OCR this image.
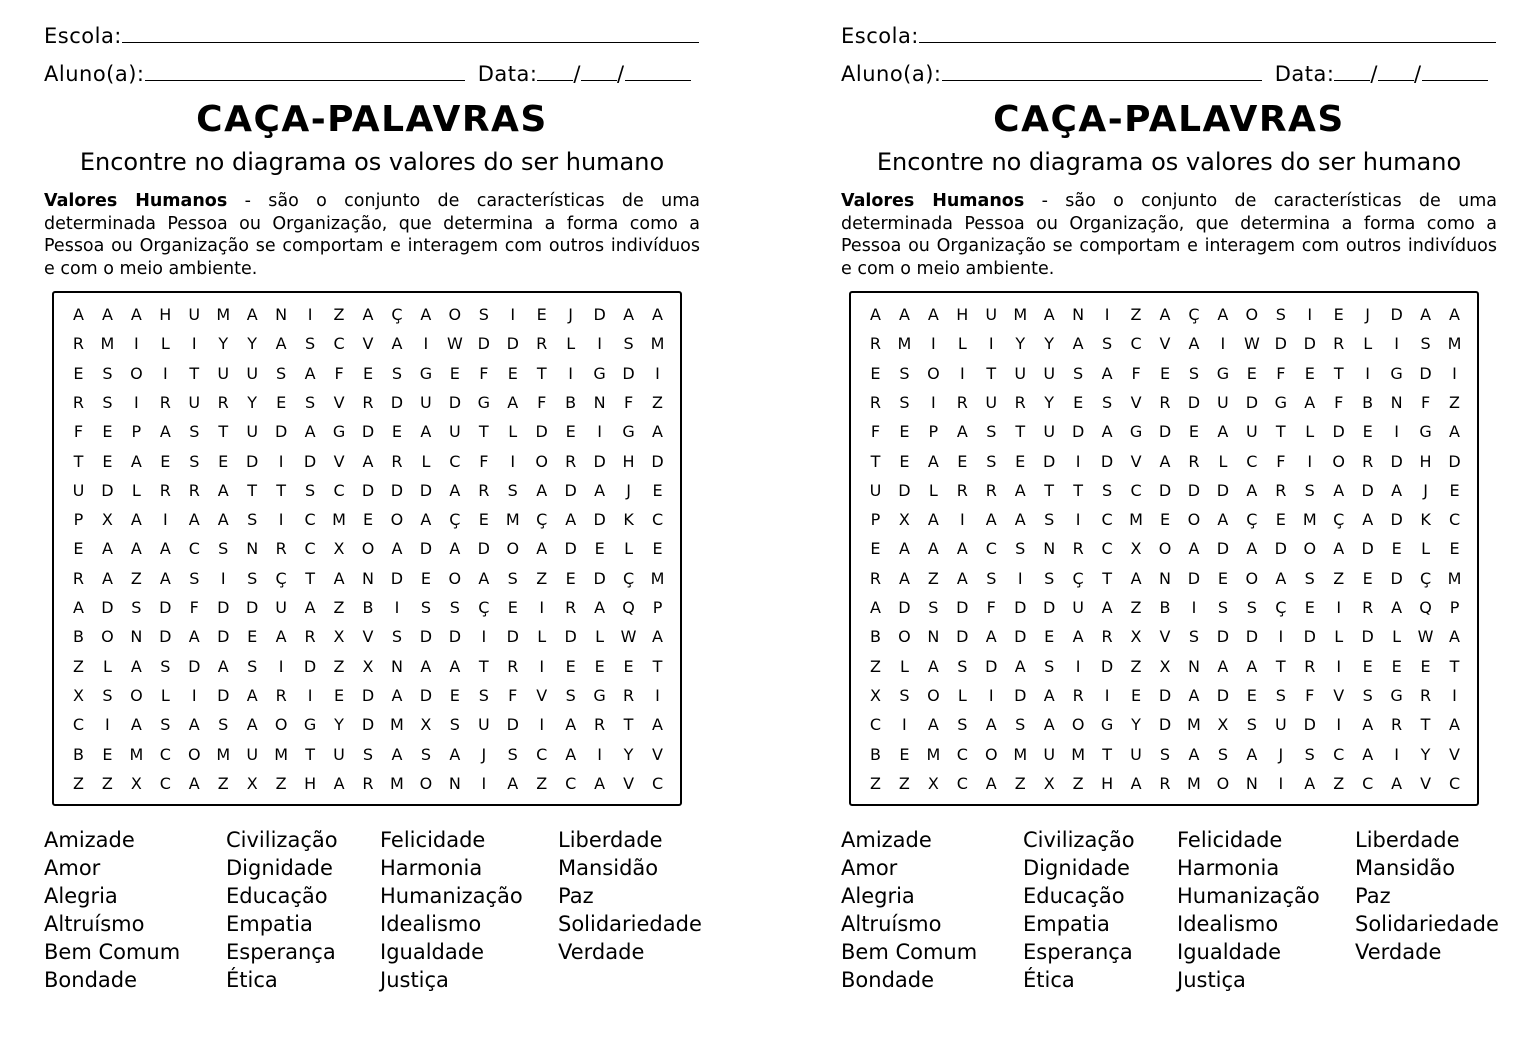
Escola:
Aluno(a):	Data: / /
CAÇA-PALAVRAS
Encontre no diagrama os valores do ser humano
Valores Humanos - são o conjunto de características de uma determinada Pessoa ou Organização, que determina a forma como a Pessoa ou Organização se comportam e interagem com outros indivíduos e com o meio ambiente.
A	A	A	H	U	M	A	N	I	Z	A	Ç	A	O	S	I	E	J	D	A	A
R	M	I	L	I	Y	Y	A	S	C	V	A	I	W D	D	R	L	I	S	M
E	S	O	I	T	U	U	S	A	F	E	S	G	E	F	E	T	I	G	D	I
R	S	I	R	U	R	Y	E	S	V	R	D	U	D	G	A	F	B	N	F	Z
F	E	P	A	S	T	U	D	A	G	D	E	A	U	T	L	D	E	I	G	A
T	E	A	E	S	E	D	I	D	V	A	R	L	C	F	I	O	R	D	H	D
U	D	L	R	R	A	T	T	S	C	D	D	D	A	R	S	A	D	A	J	E
P	X	A	I	A	A	S	I	C	M	E	O	A	Ç	E	M	Ç	A	D	K	C
E	A	A	A	C	S	N	R	C	X	O	A	D	A	D	O	A	D	E	L	E
R	A	Z	A	S	I	S	Ç	T	A	N	D	E	O	A	S	Z	E	D	Ç	M
A	D	S	D	F	D	D	U	A	Z	B	I	S	S	Ç	E	I	R	A	Q	P
B	O	N	D	A	D	E	A	R	X	V	S	D	D	I	D	L	D	L	W A
Z	L	A	S	D	A	S	I	D	Z	X	N	A	A	T	R	I	E	E	E	T
X	S	O	L	I	D	A	R	I	E	D	A	D	E	S	F	V	S	G	R	I
C	I	A	S	A	S	A	O	G	Y	D M	X	S	U	D	I	A	R	T	A
B	E	M	C	O M	U	M	T	U	S	A	S	A	J	S	C	A	I	Y	V
Z	Z	X	C	A	Z	X	Z	H	A	R	M O	N	I	A	Z	C	A	V	C
Amizade
Amor
Alegria
Altruísmo
Bem Comum
Bondade
Civilização
Dignidade
Educação
Empatia
Esperança
Ética
Felicidade
Harmonia
Humanização
Idealismo
Igualdade
Justiça
Liberdade
Mansidão
Paz
Solidariedade
Verdade
Escola:
Aluno(a):	Data: / /
CAÇA-PALAVRAS
Encontre no diagrama os valores do ser humano
Valores Humanos - são o conjunto de características de uma determinada Pessoa ou Organização, que determina a forma como a Pessoa ou Organização se comportam e interagem com outros indivíduos e com o meio ambiente.
A	A	A	H	U	M	A	N	I	Z	A	Ç	A	O	S	I	E	J	D	A	A
R	M	I	L	I	Y	Y	A	S	C	V	A	I	W D	D	R	L	I	S	M
E	S	O	I	T	U	U	S	A	F	E	S	G	E	F	E	T	I	G	D	I
R	S	I	R	U	R	Y	E	S	V	R	D	U	D	G	A	F	B	N	F	Z
F	E	P	A	S	T	U	D	A	G	D	E	A	U	T	L	D	E	I	G	A
T	E	A	E	S	E	D	I	D	V	A	R	L	C	F	I	O	R	D	H	D
U	D	L	R	R	A	T	T	S	C	D	D	D	A	R	S	A	D	A	J	E
P	X	A	I	A	A	S	I	C	M	E	O	A	Ç	E	M	Ç	A	D	K	C
E	A	A	A	C	S	N	R	C	X	O	A	D	A	D	O	A	D	E	L	E
R	A	Z	A	S	I	S	Ç	T	A	N	D	E	O	A	S	Z	E	D	Ç	M
A	D	S	D	F	D	D	U	A	Z	B	I	S	S	Ç	E	I	R	A	Q	P
B	O	N	D	A	D	E	A	R	X	V	S	D	D	I	D	L	D	L	W A
Z	L	A	S	D	A	S	I	D	Z	X	N	A	A	T	R	I	E	E	E	T
X	S	O	L	I	D	A	R	I	E	D	A	D	E	S	F	V	S	G	R	I
C	I	A	S	A	S	A	O	G	Y	D M	X	S	U	D	I	A	R	T	A
B	E	M	C	O M	U	M	T	U	S	A	S	A	J	S	C	A	I	Y	V
Z	Z	X	C	A	Z	X	Z	H	A	R	M O	N	I	A	Z	C	A	V	C
Amizade
Amor
Alegria
Altruísmo
Bem Comum
Bondade
Civilização
Dignidade
Educação
Empatia
Esperança
Ética
Felicidade
Harmonia
Humanização
Idealismo
Igualdade
Justiça
Liberdade
Mansidão
Paz
Solidariedade
Verdade
